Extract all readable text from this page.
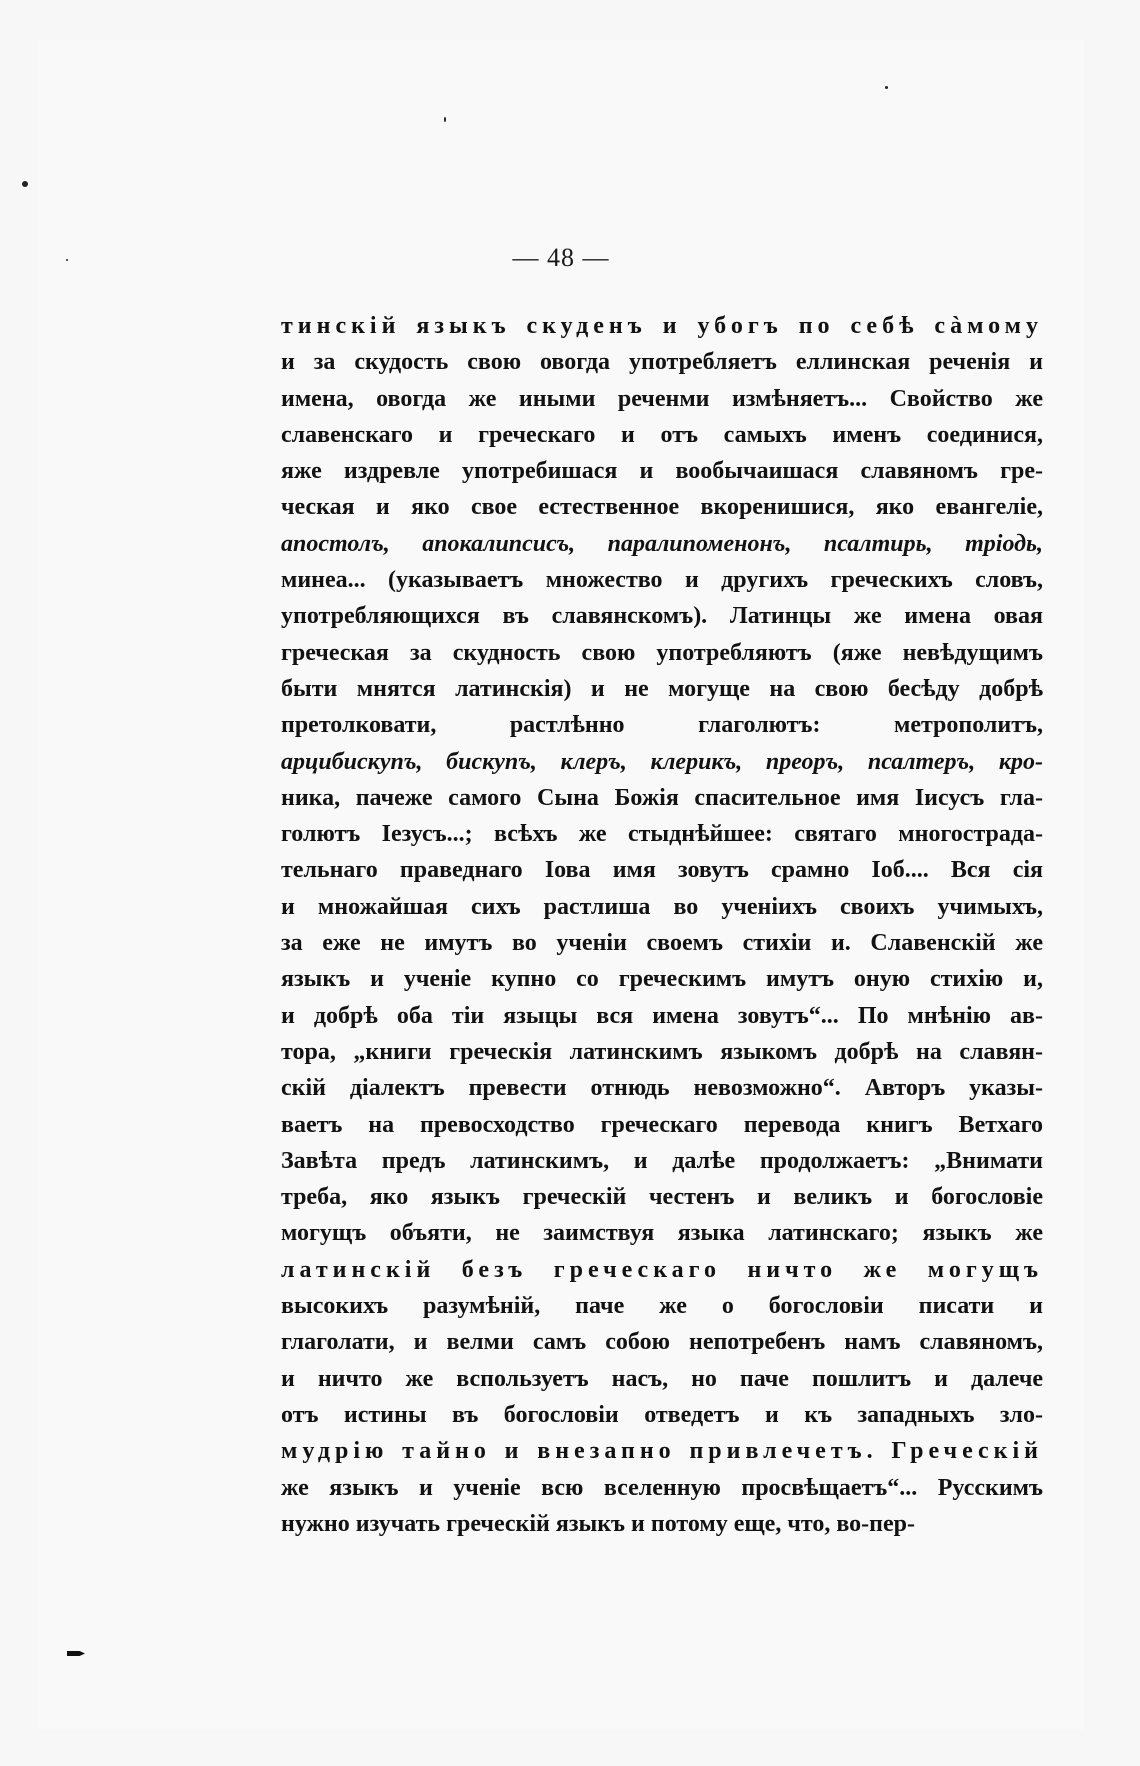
— 48 —
тинскій языкъ скуденъ и убогъ по себѣ сàмому
и за скудость свою овогда употребляетъ еллинская реченія и
имена, овогда же иными реченми измѣняетъ... Свойство же
славенскаго и греческаго и отъ самыхъ именъ соединися,
яже издревле употребишася и вообычаишася славяномъ гре-
ческая и яко свое естественное вкоренишися, яко евангеліе,
апостолъ, апокалипсисъ, паралипоменонъ, псалтирь, тріодь,
минеа... (указываетъ множество и другихъ греческихъ словъ,
употребляющихся въ славянскомъ). Латинцы же имена овая
греческая за скудность свою употребляютъ (яже невѣдущимъ
быти мнятся латинскія) и не могуще на свою бесѣду добрѣ
претолковати, растлѣнно глаголютъ: метрополитъ,
арцибискупъ, бискупъ, клеръ, клерикъ, преоръ, псалтеръ, кро-
ника, пачеже самого Сына Божія спасительное имя Іисусъ гла-
голютъ Іезусъ...; всѣхъ же стыднѣйшее: святаго многострада-
тельнаго праведнаго Іова имя зовутъ срамно Іоб.... Вся сія
и множайшая сихъ растлиша во ученіихъ своихъ учимыхъ,
за еже не имутъ во ученіи своемъ стихіи и. Славенскій же
языкъ и ученіе купно со греческимъ имутъ оную стихію и,
и добрѣ оба тіи языцы вся имена зовутъ“... По мнѣнію ав-
тора, „книги греческія латинскимъ языкомъ добрѣ на славян-
скій діалектъ превести отнюдь невозможно“. Авторъ указы-
ваетъ на превосходство греческаго перевода книгъ Ветхаго
Завѣта предъ латинскимъ, и далѣе продолжаетъ: „Внимати
треба, яко языкъ греческій честенъ и великъ и богословіе
могущъ объяти, не заимствуя языка латинскаго; языкъ же
латинскій безъ греческаго ничто же могущъ
высокихъ разумѣній, паче же о богословіи писати и
глаголати, и велми самъ собою непотребенъ намъ славяномъ,
и ничто же вспользуетъ насъ, но паче пошлитъ и далече
отъ истины въ богословіи отведетъ и къ западныхъ зло-
мудрію тайно и внезапно привлечетъ. Греческій
же языкъ и ученіе всю вселенную просвѣщаетъ“... Русскимъ
нужно изучать греческій языкъ и потому еще, что, во-пер-
